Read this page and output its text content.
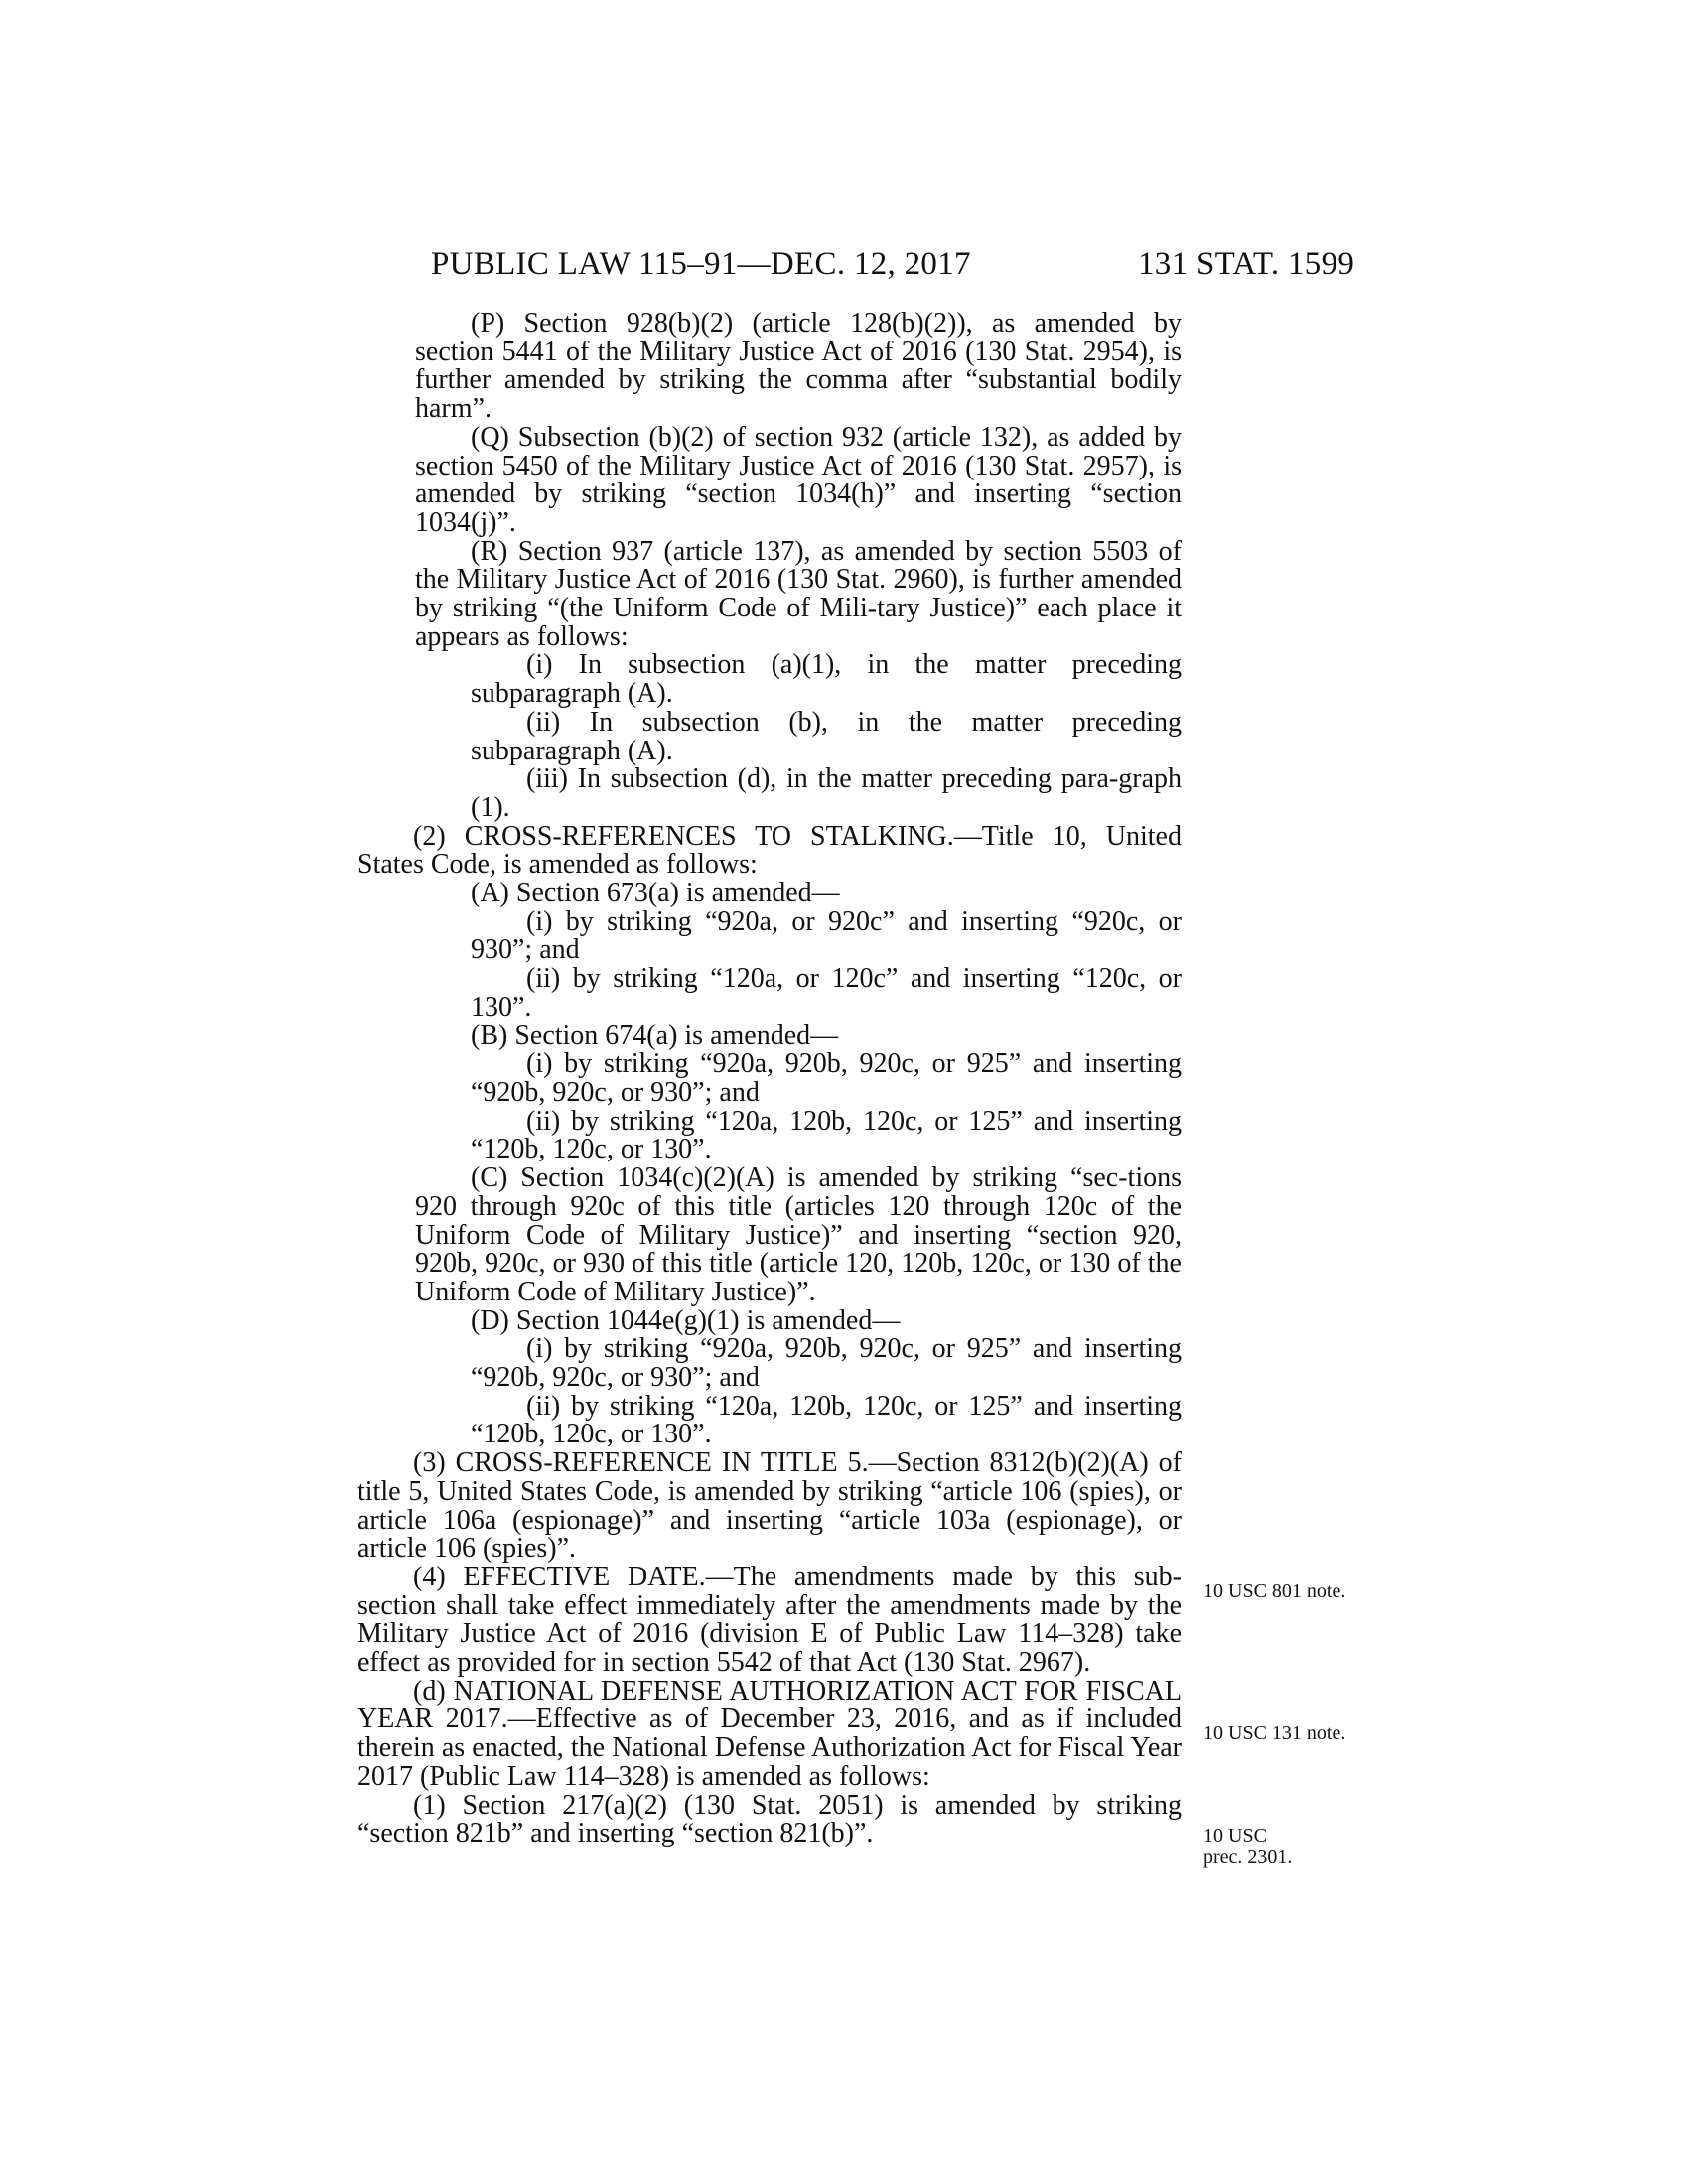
PUBLIC LAW 115–91—DEC. 12, 2017	131 STAT. 1599

(P) Section 928(b)(2) (article 128(b)(2)), as amended by section 5441 of the Military Justice Act of 2016 (130 Stat. 2954), is further amended by striking the comma after “substantial bodily harm”.

(Q) Subsection (b)(2) of section 932 (article 132), as added by section 5450 of the Military Justice Act of 2016 (130 Stat. 2957), is amended by striking “section 1034(h)” and inserting “section 1034(j)”.

(R) Section 937 (article 137), as amended by section 5503 of the Military Justice Act of 2016 (130 Stat. 2960), is further amended by striking “(the Uniform Code of Mili-tary Justice)” each place it appears as follows:

(i) In subsection (a)(1), in the matter preceding subparagraph (A).

(ii) In subsection (b), in the matter preceding subparagraph (A).

(iii) In subsection (d), in the matter preceding para-graph (1).

(2) CROSS-REFERENCES TO STALKING.—Title 10, United States Code, is amended as follows:

(A) Section 673(a) is amended—

(i) by striking “920a, or 920c” and inserting “920c, or 930”; and

(ii) by striking “120a, or 120c” and inserting “120c, or 130”.

(B) Section 674(a) is amended—

(i) by striking “920a, 920b, 920c, or 925” and inserting “920b, 920c, or 930”; and

(ii) by striking “120a, 120b, 120c, or 125” and inserting “120b, 120c, or 130”.

(C) Section 1034(c)(2)(A) is amended by striking “sec-tions 920 through 920c of this title (articles 120 through 120c of the Uniform Code of Military Justice)” and inserting “section 920, 920b, 920c, or 930 of this title (article 120, 120b, 120c, or 130 of the Uniform Code of Military Justice)”.

(D) Section 1044e(g)(1) is amended—

(i) by striking “920a, 920b, 920c, or 925” and inserting “920b, 920c, or 930”; and

(ii) by striking “120a, 120b, 120c, or 125” and inserting “120b, 120c, or 130”.

(3) CROSS-REFERENCE IN TITLE 5.—Section 8312(b)(2)(A) of title 5, United States Code, is amended by striking “article 106 (spies), or article 106a (espionage)” and inserting “article 103a (espionage), or article 106 (spies)”.

(4) EFFECTIVE DATE.—The amendments made by this sub-section shall take effect immediately after the amendments made by the Military Justice Act of 2016 (division E of Public Law 114–328) take effect as provided for in section 5542 of that Act (130 Stat. 2967).

(d) NATIONAL DEFENSE AUTHORIZATION ACT FOR FISCAL YEAR 2017.—Effective as of December 23, 2016, and as if included therein as enacted, the National Defense Authorization Act for Fiscal Year 2017 (Public Law 114–328) is amended as follows:

(1) Section 217(a)(2) (130 Stat. 2051) is amended by striking “section 821b” and inserting “section 821(b)”.

10 USC 801 note.
10 USC 131 note.
10 USC
prec. 2301.
